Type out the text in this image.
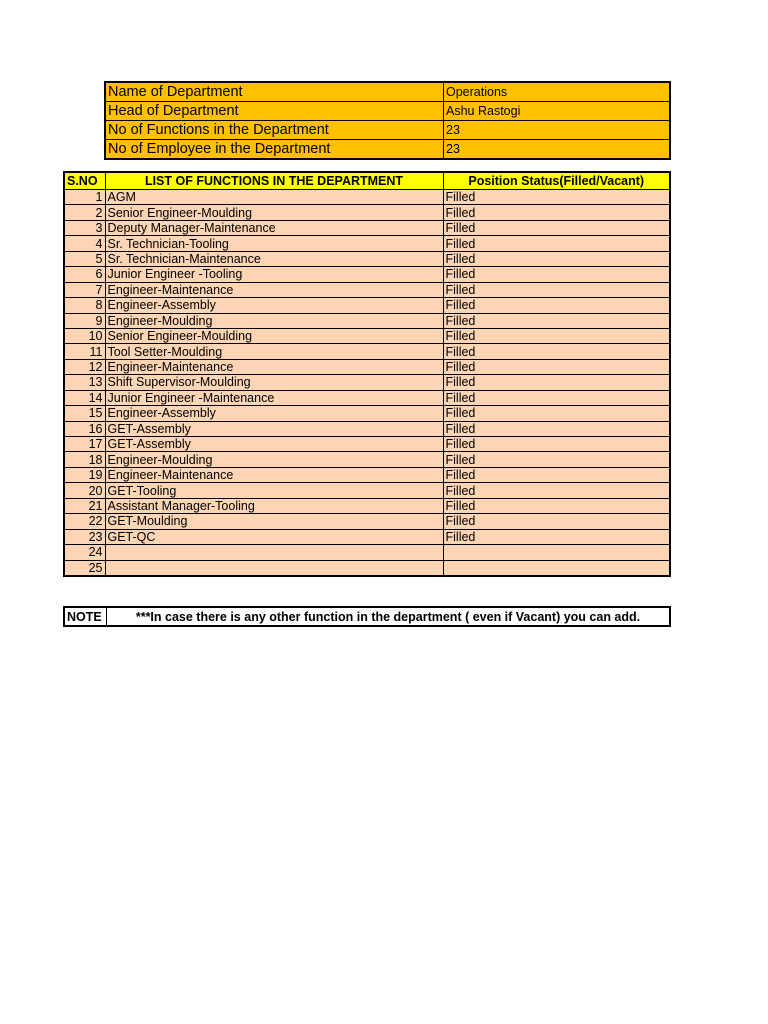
Name of Department	Operations
Head of Department	Ashu Rastogi
No of Functions in the Department	23
No of Employee in the Department	23
S.NO	LIST OF FUNCTIONS IN THE DEPARTMENT	Position Status(Filled/Vacant)
1	AGM	Filled
2	Senior Engineer-Moulding	Filled
3	Deputy Manager-Maintenance	Filled
4	Sr. Technician-Tooling	Filled
5	Sr. Technician-Maintenance	Filled
6	Junior Engineer -Tooling	Filled
7	Engineer-Maintenance	Filled
8	Engineer-Assembly	Filled
9	Engineer-Moulding	Filled
10	Senior Engineer-Moulding	Filled
11	Tool Setter-Moulding	Filled
12	Engineer-Maintenance	Filled
13	Shift Supervisor-Moulding	Filled
14	Junior Engineer -Maintenance	Filled
15	Engineer-Assembly	Filled
16	GET-Assembly	Filled
17	GET-Assembly	Filled
18	Engineer-Moulding	Filled
19	Engineer-Maintenance	Filled
20	GET-Tooling	Filled
21	Assistant Manager-Tooling	Filled
22	GET-Moulding	Filled
23	GET-QC	Filled
24		
25		
NOTE	***In case there is any other function in the department ( even if Vacant) you can add.
